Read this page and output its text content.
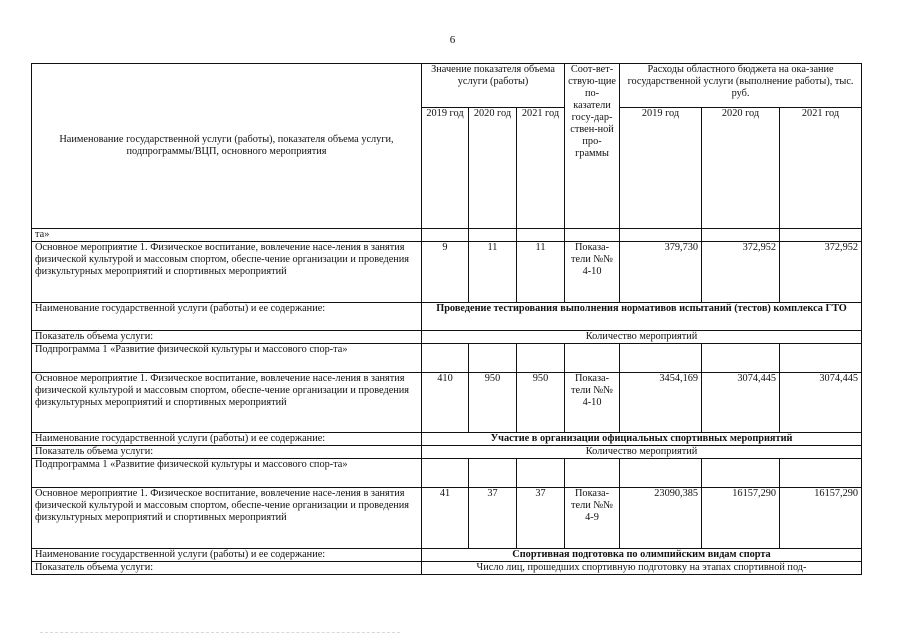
6
Наименование государственной услуги (работы), показателя объема услуги, подпрограммы/ВЦП, основного мероприятия	Значение показателя объема услуги (работы)			Соот-вет-ствую-щие по-казатели госу-дар-ствен-ной про-граммы	Расходы областного бюджета на ока-зание государственной услуги (выполнение работы), тыс. руб.		
	2019 год	2020 год	2021 год		2019 год	2020 год	2021 год
та»							
Основное мероприятие 1. Физическое воспитание, вовлечение насе-ления в занятия физической культурой и массовым спортом, обеспе-чение организации и проведения физкультурных мероприятий и спортивных мероприятий	9	11	11	Показа-тели №№ 4-10	379,730	372,952	372,952
Наименование государственной услуги (работы) и ее содержание:	Проведение тестирования выполнения нормативов испытаний (тестов) комплекса ГТО						
Показатель объема услуги:	Количество мероприятий						
Подпрограмма 1 «Развитие физической культуры и массового спор-та»							
Основное мероприятие 1. Физическое воспитание, вовлечение насе-ления в занятия физической культурой и массовым спортом, обеспе-чение организации и проведения физкультурных мероприятий и спортивных мероприятий	410	950	950	Показа-тели №№ 4-10	3454,169	3074,445	3074,445
Наименование государственной услуги (работы) и ее содержание:	Участие в организации официальных спортивных мероприятий						
Показатель объема услуги:	Количество мероприятий						
Подпрограмма 1 «Развитие физической культуры и массового спор-та»							
Основное мероприятие 1. Физическое воспитание, вовлечение насе-ления в занятия физической культурой и массовым спортом, обеспе-чение организации и проведения физкультурных мероприятий и спортивных мероприятий	41	37	37	Показа-тели №№ 4-9	23090,385	16157,290	16157,290
Наименование государственной услуги (работы) и ее содержание:	Спортивная подготовка по олимпийским видам спорта						
Показатель объема услуги:	Число лиц, прошедших спортивную подготовку на этапах спортивной под-						
